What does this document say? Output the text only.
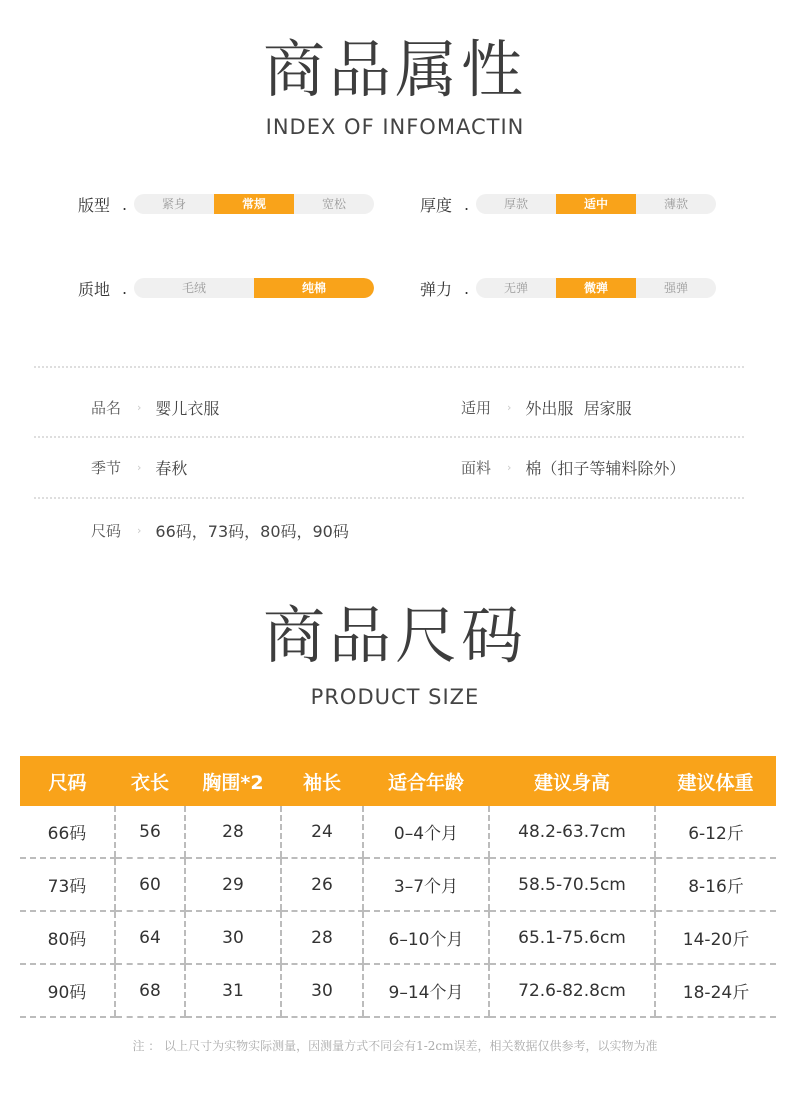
商品属性
INDEX OF INFOMACTIN
版型 .	紧身	常规	宽松	厚度 .	厚款	适中	薄款
质地 .	毛绒	纯棉	弹力 .	无弹	微弹	强弹
品名 › 婴儿衣服	适用 › 外出服  居家服
季节 › 春秋	面料 › 棉（扣子等辅料除外）
尺码 › 66码，73码，80码，90码
商品尺码
PRODUCT SIZE
尺码	衣长	胸围*2	袖长	适合年龄	建议身高	建议体重
66码	56	28	24	0–4个月	48.2-63.7cm	6-12斤
73码	60	29	26	3–7个月	58.5-70.5cm	8-16斤
80码	64	30	28	6–10个月	65.1-75.6cm	14-20斤
90码	68	31	30	9–14个月	72.6-82.8cm	18-24斤
注 ： 以上尺寸为实物实际测量，因测量方式不同会有1-2cm误差，相关数据仅供参考，以实物为准
